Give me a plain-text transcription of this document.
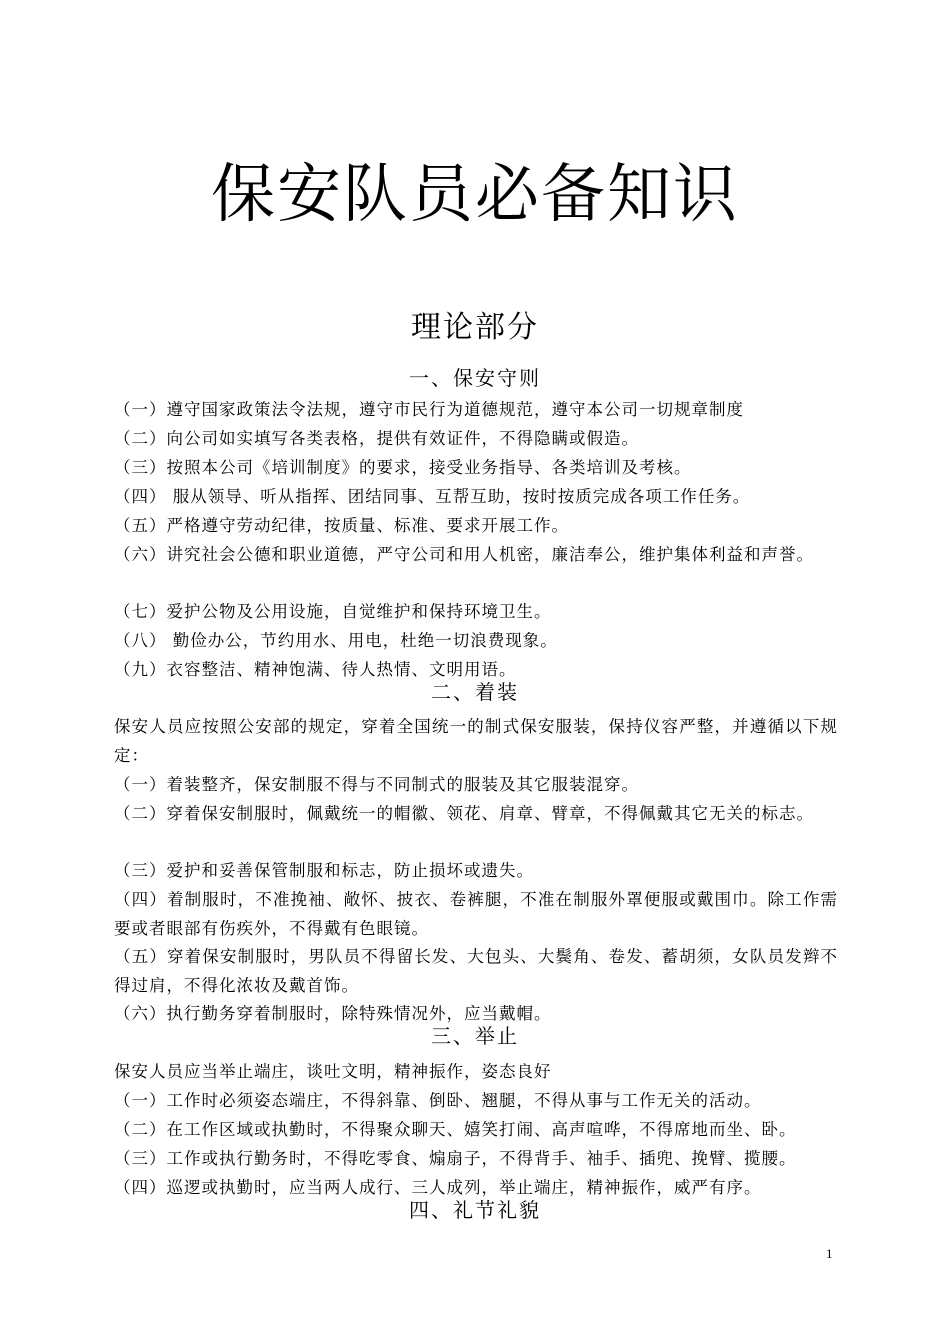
保安队员必备知识
理论部分
一、保安守则
（一）遵守国家政策法令法规，遵守市民行为道德规范，遵守本公司一切规章制度
（二）向公司如实填写各类表格，提供有效证件，不得隐瞒或假造。
（三）按照本公司《培训制度》的要求，接受业务指导、各类培训及考核。
（四） 服从领导、听从指挥、团结同事、互帮互助，按时按质完成各项工作任务。
（五）严格遵守劳动纪律，按质量、标准、要求开展工作。
（六）讲究社会公德和职业道德，严守公司和用人机密，廉洁奉公，维护集体利益和声誉。
（七）爱护公物及公用设施，自觉维护和保持环境卫生。
（八） 勤俭办公，节约用水、用电，杜绝一切浪费现象。
（九）衣容整洁、精神饱满、待人热情、文明用语。
二、着装
保安人员应按照公安部的规定，穿着全国统一的制式保安服装，保持仪容严整，并遵循以下规定：
（一）着装整齐，保安制服不得与不同制式的服装及其它服装混穿。
（二）穿着保安制服时，佩戴统一的帽徽、领花、肩章、臂章，不得佩戴其它无关的标志。
（三）爱护和妥善保管制服和标志，防止损坏或遗失。
（四）着制服时，不准挽袖、敞怀、披衣、卷裤腿，不准在制服外罩便服或戴围巾。除工作需要或者眼部有伤疾外，不得戴有色眼镜。
（五）穿着保安制服时，男队员不得留长发、大包头、大鬓角、卷发、蓄胡须，女队员发辫不得过肩，不得化浓妆及戴首饰。
（六）执行勤务穿着制服时，除特殊情况外，应当戴帽。
三、举止
保安人员应当举止端庄，谈吐文明，精神振作，姿态良好
（一）工作时必须姿态端庄，不得斜靠、倒卧、翘腿，不得从事与工作无关的活动。
（二）在工作区域或执勤时，不得聚众聊天、嬉笑打闹、高声喧哗，不得席地而坐、卧。
（三）工作或执行勤务时，不得吃零食、煽扇子，不得背手、袖手、插兜、挽臂、揽腰。
（四）巡逻或执勤时，应当两人成行、三人成列，举止端庄，精神振作，威严有序。
四、礼节礼貌
1
